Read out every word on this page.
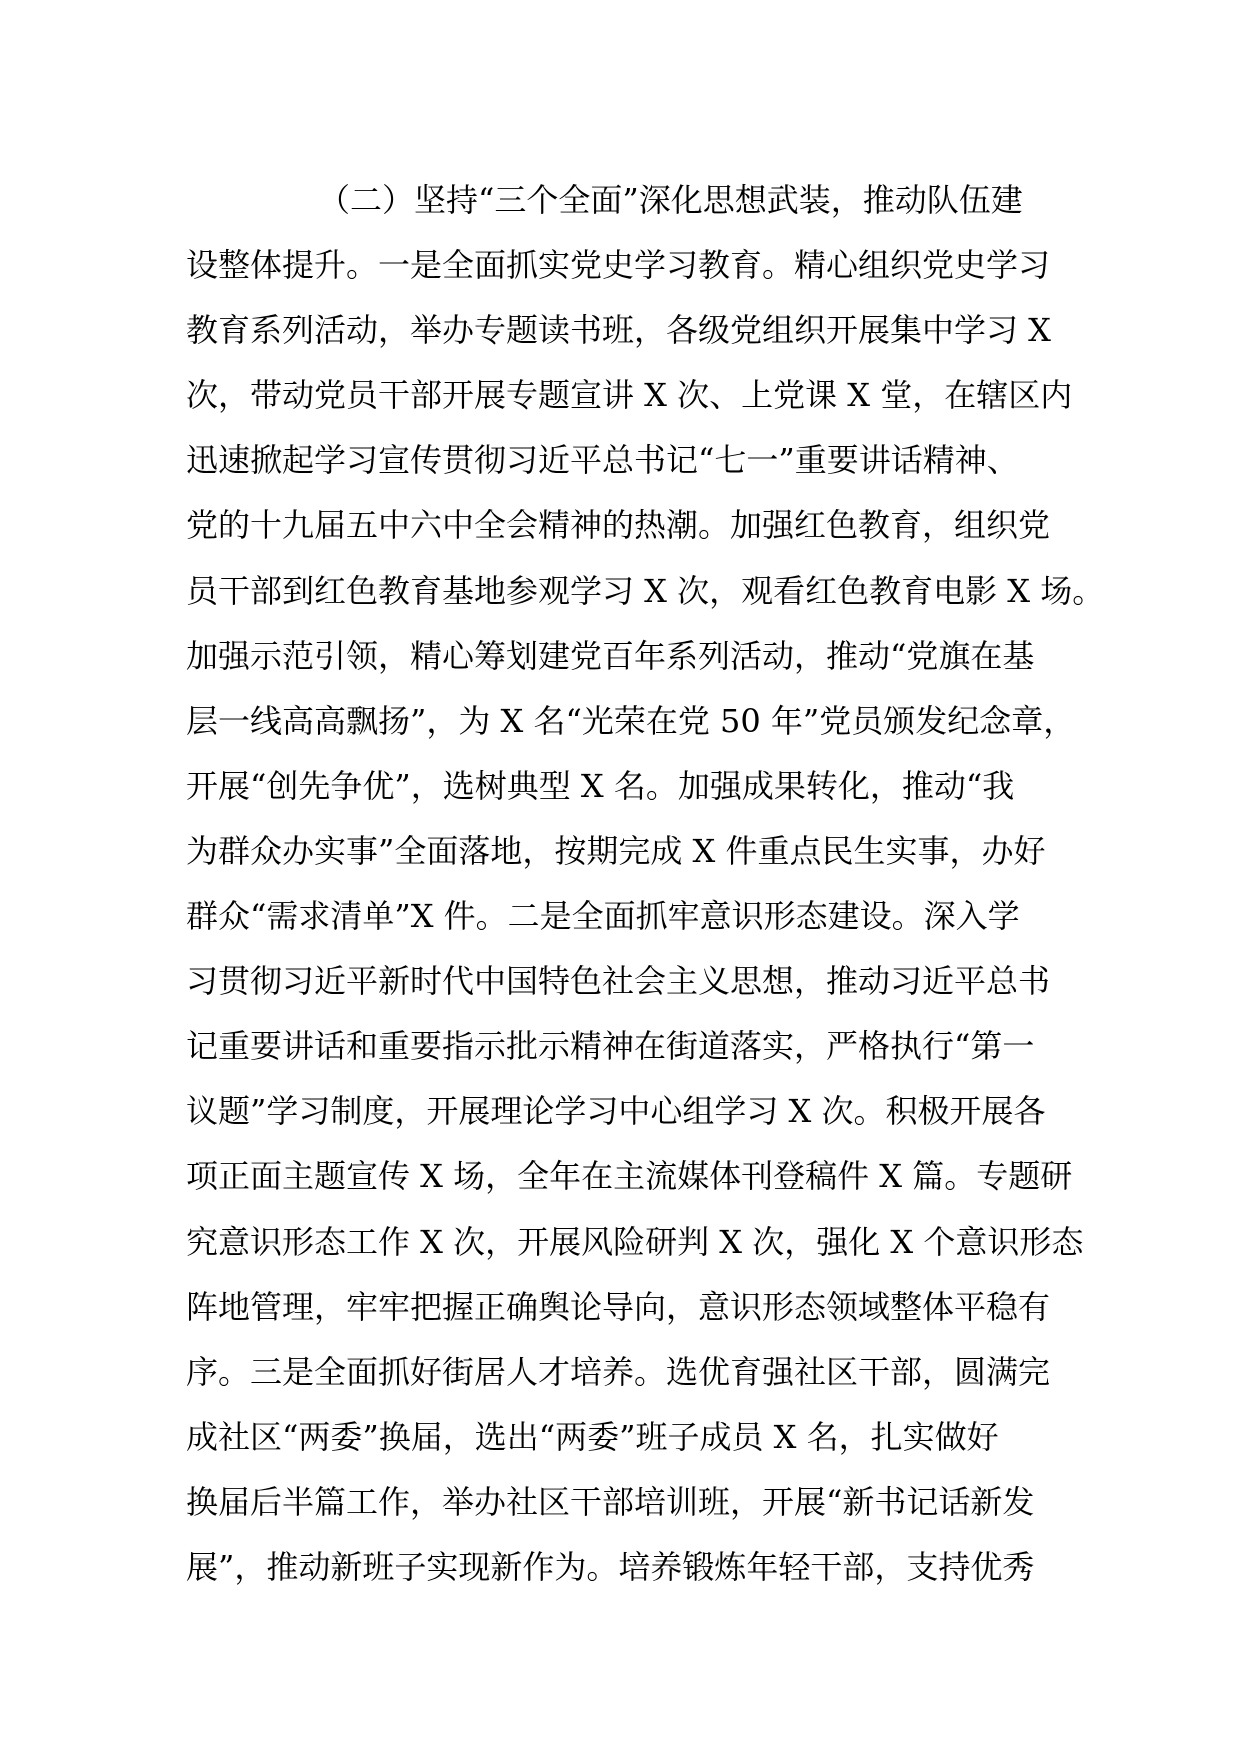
（二）坚持“三个全面”深化思想武装，推动队伍建
设整体提升。一是全面抓实党史学习教育。精心组织党史学习
教育系列活动，举办专题读书班，各级党组织开展集中学习 X
次，带动党员干部开展专题宣讲 X 次、上党课 X 堂，在辖区内
迅速掀起学习宣传贯彻习近平总书记“七一”重要讲话精神、
党的十九届五中六中全会精神的热潮。加强红色教育，组织党
员干部到红色教育基地参观学习 X 次，观看红色教育电影 X 场。
加强示范引领，精心筹划建党百年系列活动，推动“党旗在基
层一线高高飘扬”，为 X 名“光荣在党 50 年”党员颁发纪念章，
开展“创先争优”，选树典型 X 名。加强成果转化，推动“我
为群众办实事”全面落地，按期完成 X 件重点民生实事，办好
群众“需求清单”X 件。二是全面抓牢意识形态建设。深入学
习贯彻习近平新时代中国特色社会主义思想，推动习近平总书
记重要讲话和重要指示批示精神在街道落实，严格执行“第一
议题”学习制度，开展理论学习中心组学习 X 次。积极开展各
项正面主题宣传 X 场，全年在主流媒体刊登稿件 X 篇。专题研
究意识形态工作 X 次，开展风险研判 X 次，强化 X 个意识形态
阵地管理，牢牢把握正确舆论导向，意识形态领域整体平稳有
序。三是全面抓好街居人才培养。选优育强社区干部，圆满完
成社区“两委”换届，选出“两委”班子成员 X 名，扎实做好
换届后半篇工作，举办社区干部培训班，开展“新书记话新发
展”，推动新班子实现新作为。培养锻炼年轻干部，支持优秀
